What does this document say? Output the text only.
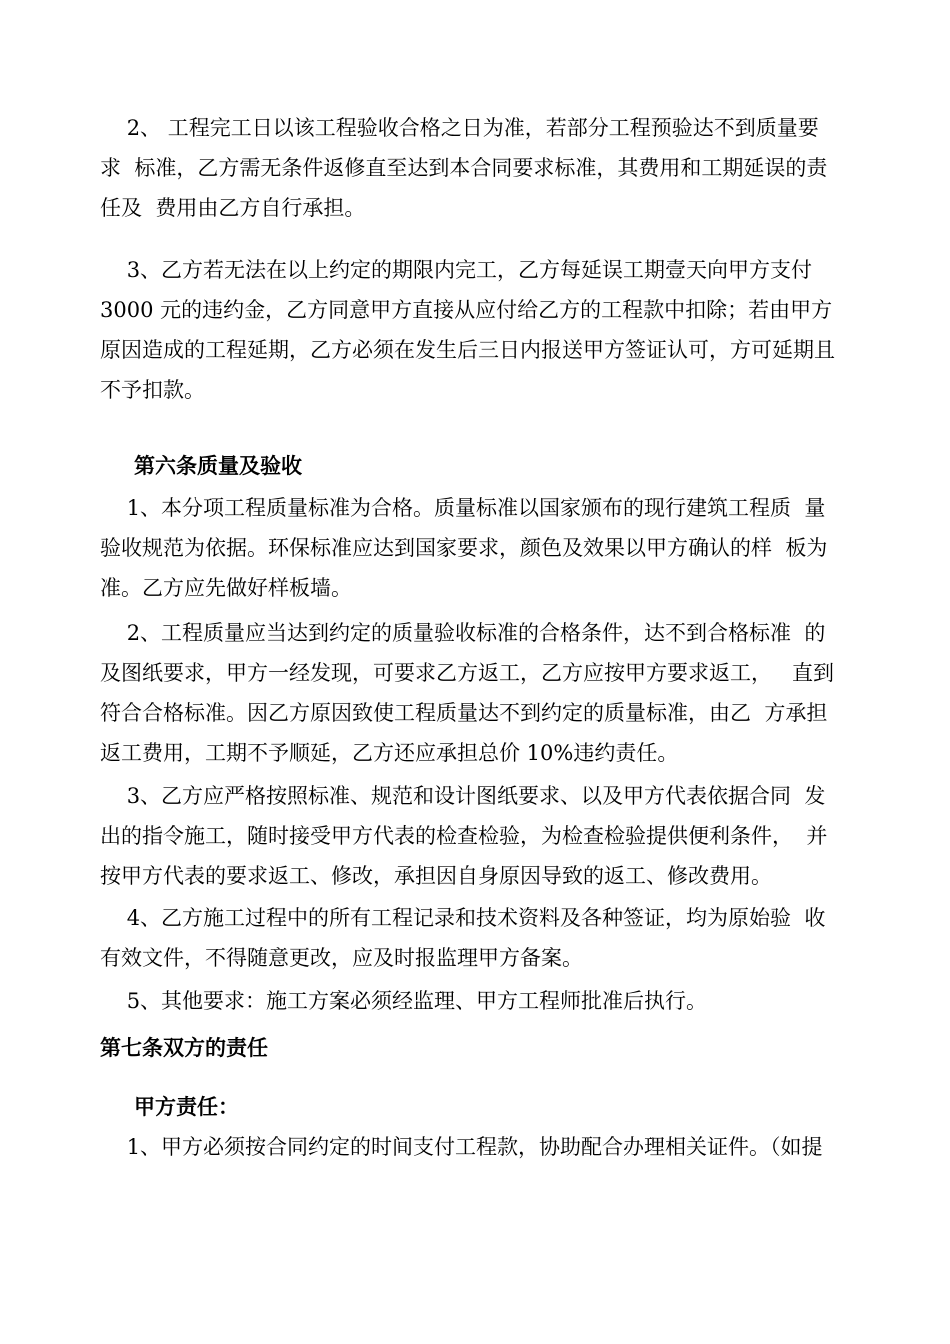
2、 工程完工日以该工程验收合格之日为准，若部分工程预验达不到质量要
求  标准，乙方需无条件返修直至达到本合同要求标准，其费用和工期延误的责
任及  费用由乙方自行承担。
3、乙方若无法在以上约定的期限内完工，乙方每延误工期壹天向甲方支付
3000 元的违约金，乙方同意甲方直接从应付给乙方的工程款中扣除；若由甲方
原因造成的工程延期，乙方必须在发生后三日内报送甲方签证认可，方可延期且
不予扣款。
第六条质量及验收
1、本分项工程质量标准为合格。质量标准以国家颁布的现行建筑工程质  量
验收规范为依据。环保标准应达到国家要求，颜色及效果以甲方确认的样  板为
准。乙方应先做好样板墙。
2、工程质量应当达到约定的质量验收标准的合格条件，达不到合格标准  的
及图纸要求，甲方一经发现，可要求乙方返工，乙方应按甲方要求返工，   直到
符合合格标准。因乙方原因致使工程质量达不到约定的质量标准，由乙  方承担
返工费用，工期不予顺延，乙方还应承担总价 10%违约责任。
3、乙方应严格按照标准、规范和设计图纸要求、以及甲方代表依据合同  发
出的指令施工，随时接受甲方代表的检查检验，为检查检验提供便利条件，  并
按甲方代表的要求返工、修改，承担因自身原因导致的返工、修改费用。
4、乙方施工过程中的所有工程记录和技术资料及各种签证，均为原始验  收
有效文件，不得随意更改，应及时报监理甲方备案。
5、其他要求：施工方案必须经监理、甲方工程师批准后执行。
第七条双方的责任
甲方责任：
1、甲方必须按合同约定的时间支付工程款，协助配合办理相关证件。（如提
